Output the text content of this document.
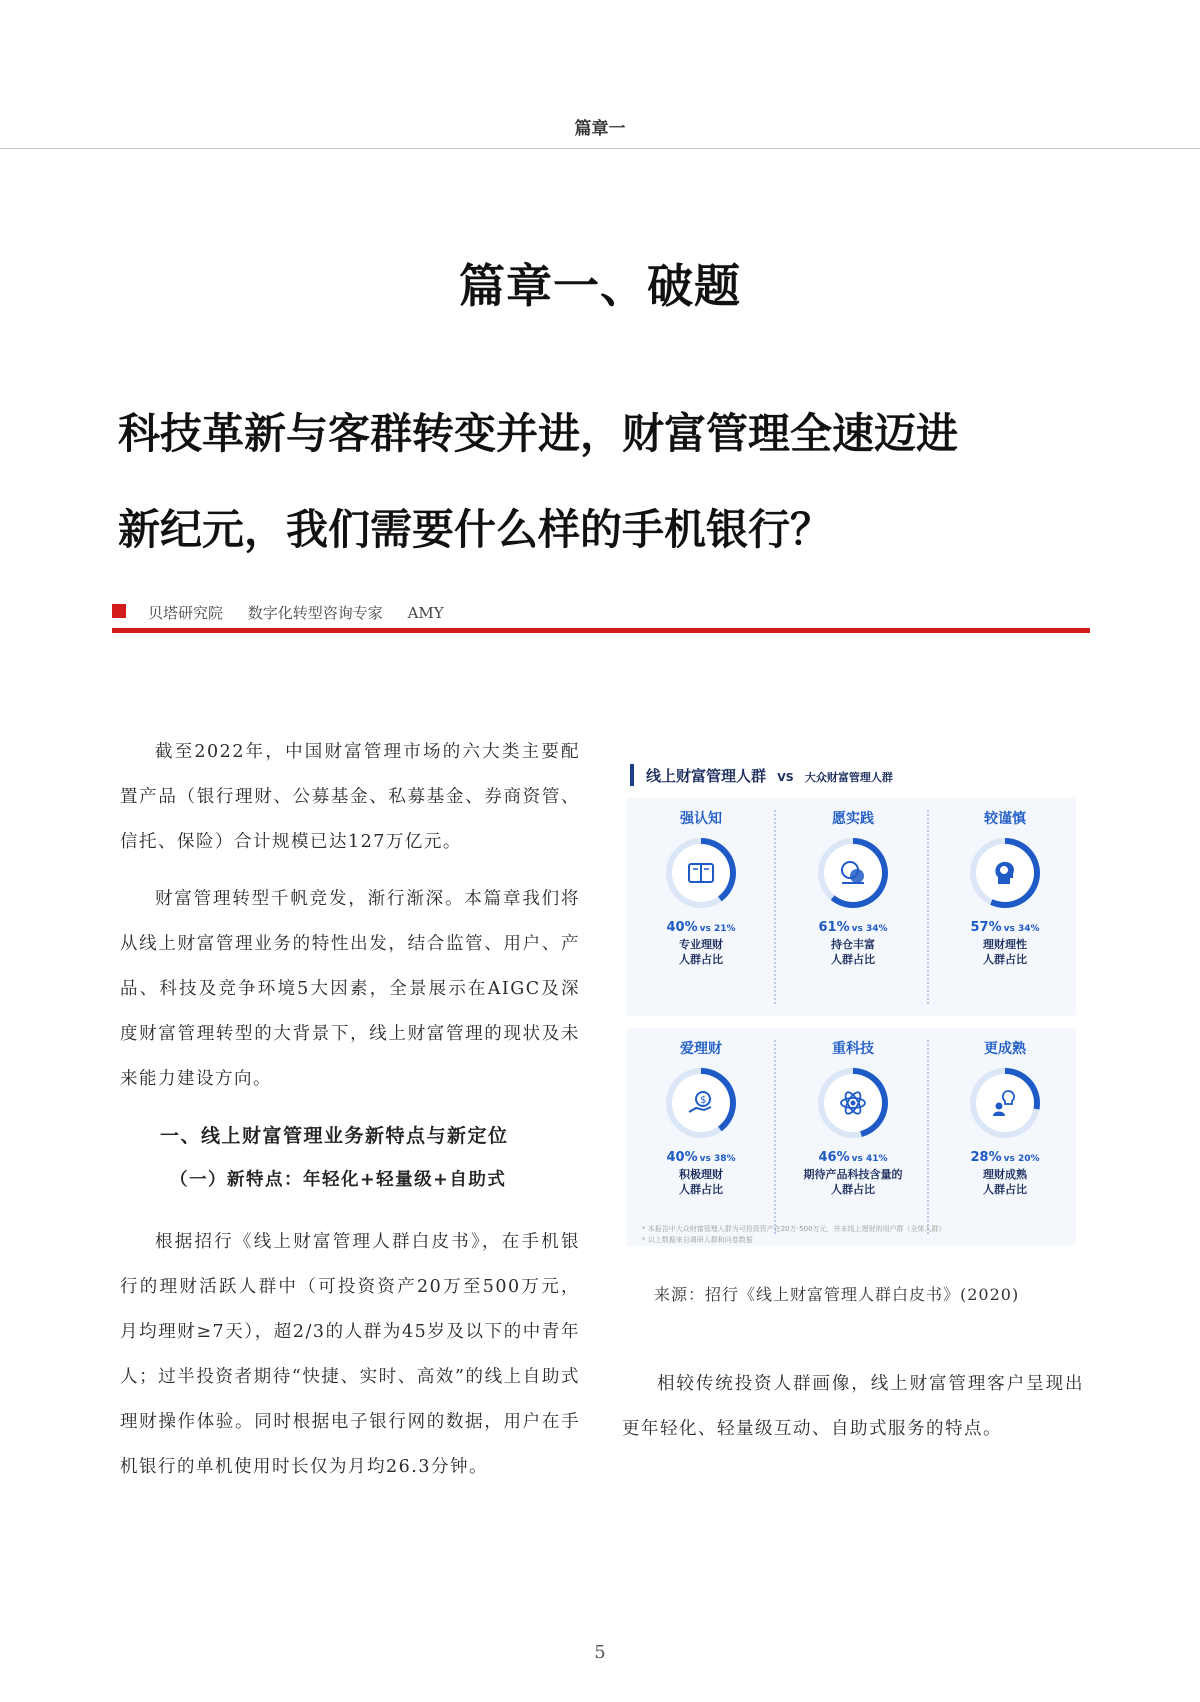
篇章一
篇章一、破题
科技革新与客群转变并进，财富管理全速迈进
新纪元，我们需要什么样的手机银行？
贝塔研究院 数字化转型咨询专家 AMY

截至2022年，中国财富管理市场的六大类主要配置产品（银行理财、公募基金、私募基金、券商资管、信托、保险）合计规模已达127万亿元。

财富管理转型千帆竞发，渐行渐深。本篇章我们将从线上财富管理业务的特性出发，结合监管、用户、产品、科技及竞争环境5大因素，全景展示在AIGC及深度财富管理转型的大背景下，线上财富管理的现状及未来能力建设方向。

一、线上财富管理业务新特点与新定位
（一）新特点：年轻化+轻量级+自助式

根据招行《线上财富管理人群白皮书》，在手机银行的理财活跃人群中（可投资资产20万至500万元，月均理财≥7天），超2/3的人群为45岁及以下的中青年人；过半投资者期待“快捷、实时、高效”的线上自助式理财操作体验。同时根据电子银行网的数据，用户在手机银行的单机使用时长仅为月均26.3分钟。

线上财富管理人群 VS 大众财富管理人群
强认知
40% vs 21%
专业理财
人群占比
愿实践
61% vs 34%
持仓丰富
人群占比
较谨慎
57% vs 34%
理财理性
人群占比
爱理财
$
40% vs 38%
积极理财
人群占比
重科技
46% vs 41%
期待产品科技含量的
人群占比
更成熟
28% vs 20%
理财成熟
人群占比
* 本报告中大众财富管理人群为可投资资产在20万-500万元，并未线上理财的用户群（全体人群）
* 以上数据来自调研人群和问卷数据
来源：招行《线上财富管理人群白皮书》(2020)

相较传统投资人群画像，线上财富管理客户呈现出更年轻化、轻量级互动、自助式服务的特点。

5
